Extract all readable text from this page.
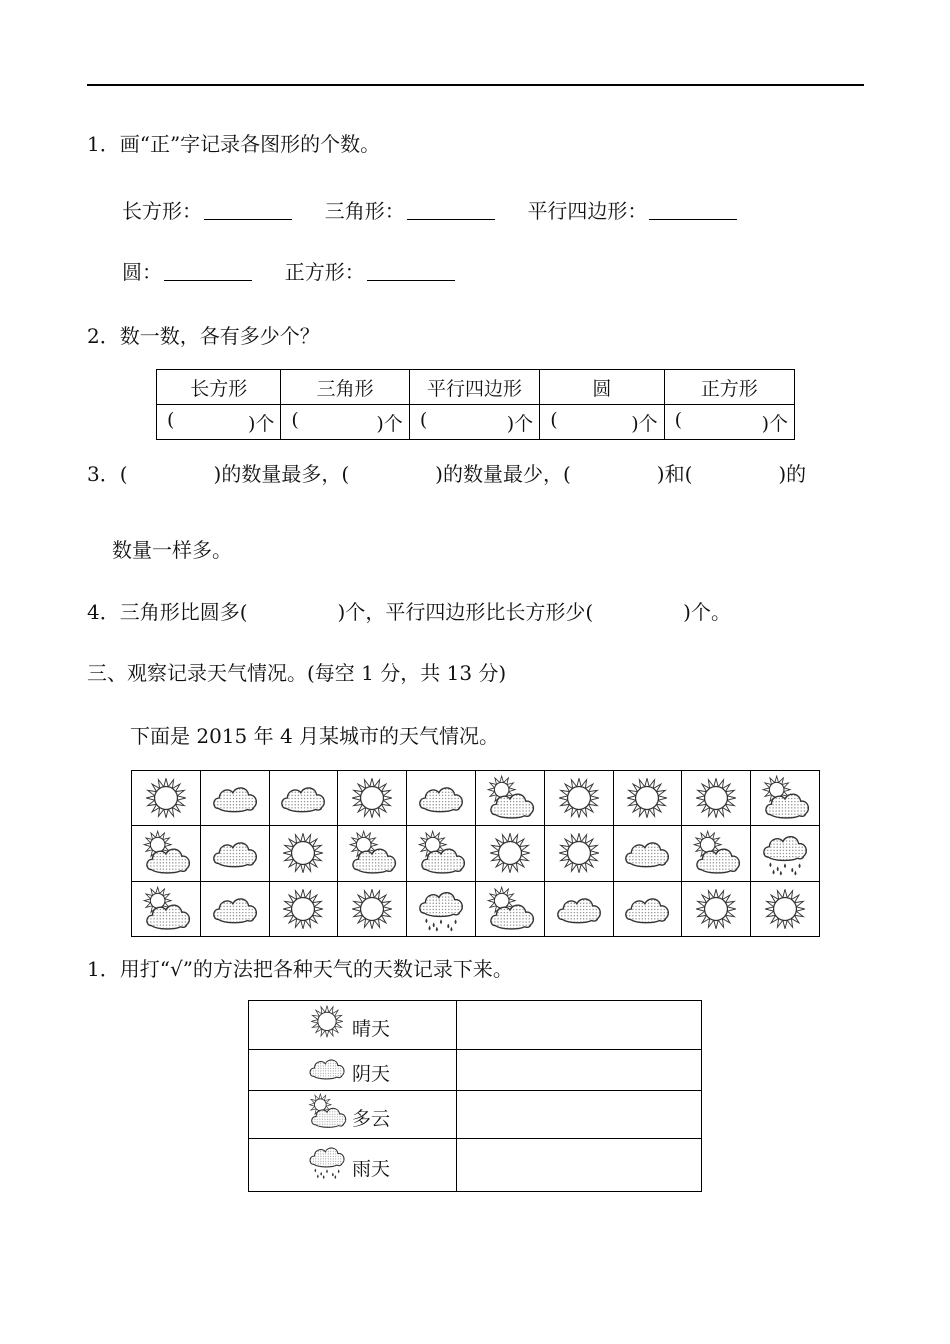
1．画“正”字记录各图形的个数。
长方形：	三角形：	平行四边形：
圆：	正方形：
2．数一数，各有多少个？
长方形	三角形	平行四边形	圆	正方形

( )个	( )个	( )个	( )个	( )个
3．(	)的数量最多，(	)的数量最少，(	)和(	)的
数量一样多。
4．三角形比圆多(	)个，平行四边形比长方形少(	)个。
三、观察记录天气情况。(每空 1 分，共 13 分)
下面是 2015 年 4 月某城市的天气情况。

1．用打“√”的方法把各种天气的天数记录下来。
晴天	

阴天	

多云	

雨天	
